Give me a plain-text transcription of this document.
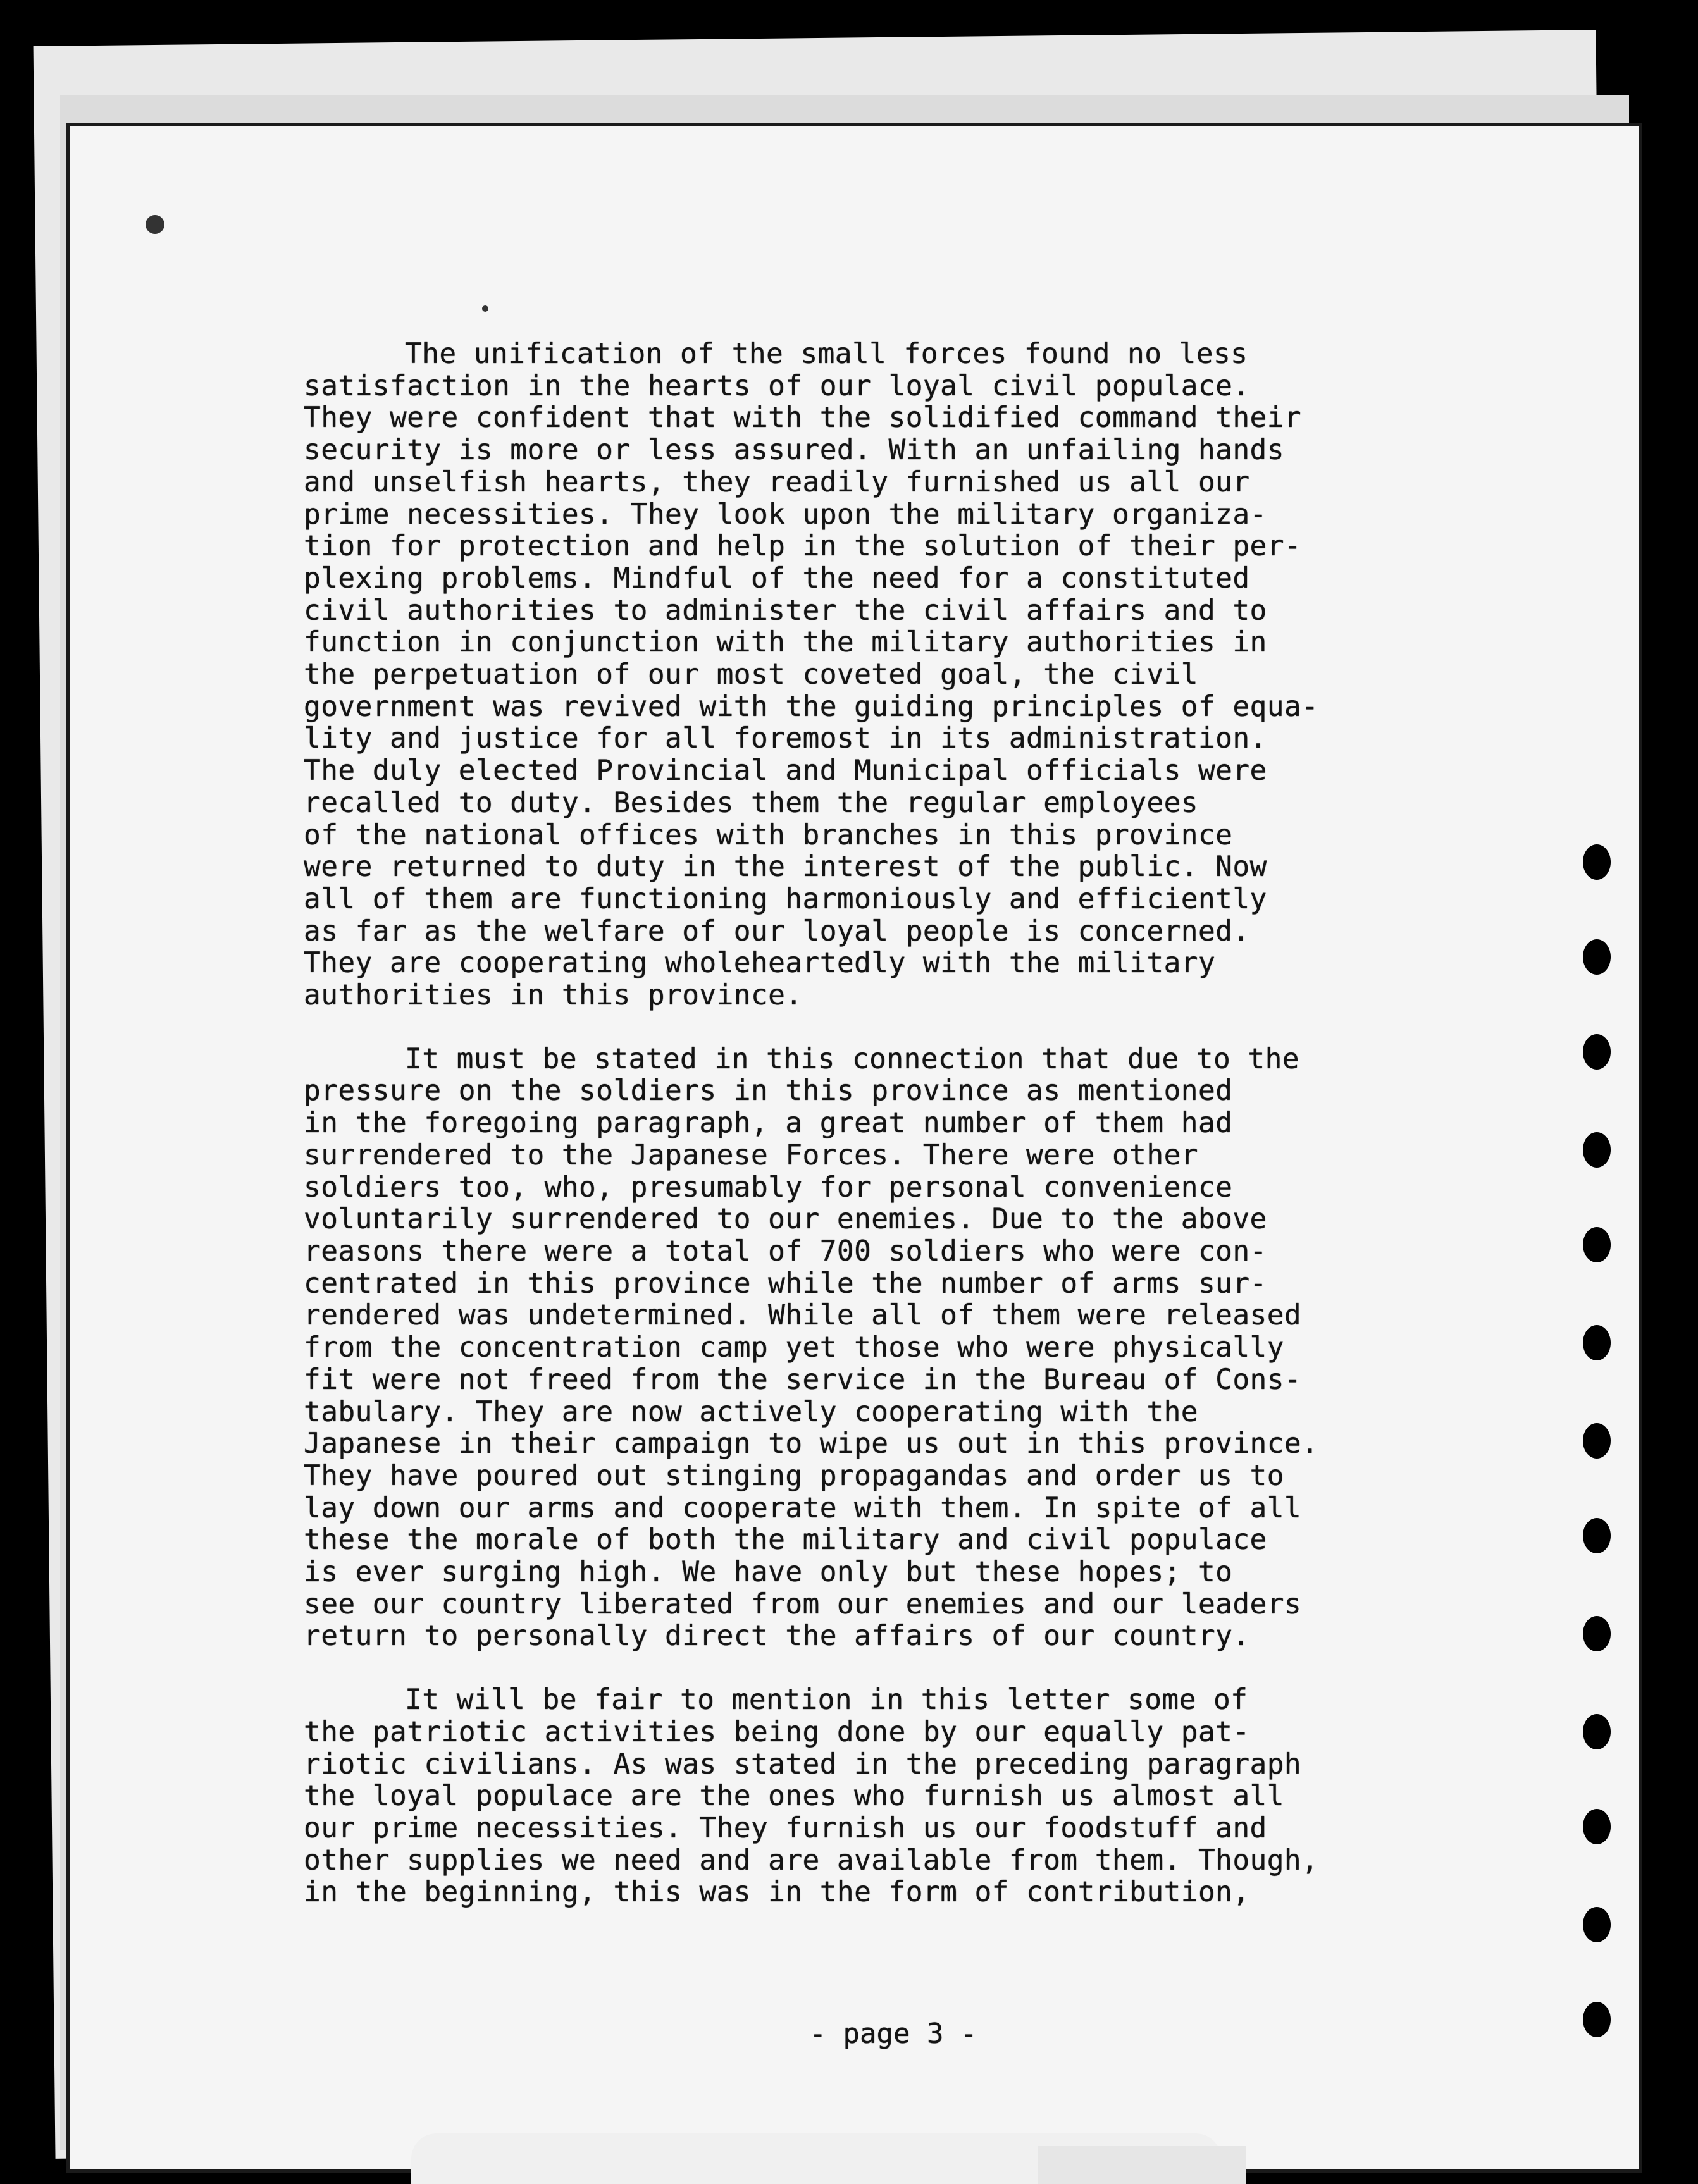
The unification of the small forces found no less
satisfaction in the hearts of our loyal civil populace.
They were confident that with the solidified command their
security is more or less assured. With an unfailing hands
and unselfish hearts, they readily furnished us all our
prime necessities. They look upon the military organiza-
tion for protection and help in the solution of their per-
plexing problems. Mindful of the need for a constituted
civil authorities to administer the civil affairs and to
function in conjunction with the military authorities in
the perpetuation of our most coveted goal, the civil
government was revived with the guiding principles of equa-
lity and justice for all foremost in its administration.
The duly elected Provincial and Municipal officials were
recalled to duty. Besides them the regular employees
of the national offices with branches in this province
were returned to duty in the interest of the public. Now
all of them are functioning harmoniously and efficiently
as far as the welfare of our loyal people is concerned.
They are cooperating wholeheartedly with the military
authorities in this province.

It must be stated in this connection that due to the
pressure on the soldiers in this province as mentioned
in the foregoing paragraph, a great number of them had
surrendered to the Japanese Forces. There were other
soldiers too, who, presumably for personal convenience
voluntarily surrendered to our enemies. Due to the above
reasons there were a total of 700 soldiers who were con-
centrated in this province while the number of arms sur-
rendered was undetermined. While all of them were released
from the concentration camp yet those who were physically
fit were not freed from the service in the Bureau of Cons-
tabulary. They are now actively cooperating with the
Japanese in their campaign to wipe us out in this province.
They have poured out stinging propagandas and order us to
lay down our arms and cooperate with them. In spite of all
these the morale of both the military and civil populace
is ever surging high. We have only but these hopes; to
see our country liberated from our enemies and our leaders
return to personally direct the affairs of our country.

It will be fair to mention in this letter some of
the patriotic activities being done by our equally pat-
riotic civilians. As was stated in the preceding paragraph
the loyal populace are the ones who furnish us almost all
our prime necessities. They furnish us our foodstuff and
other supplies we need and are available from them. Though,
in the beginning, this was in the form of contribution,

- page 3 -
